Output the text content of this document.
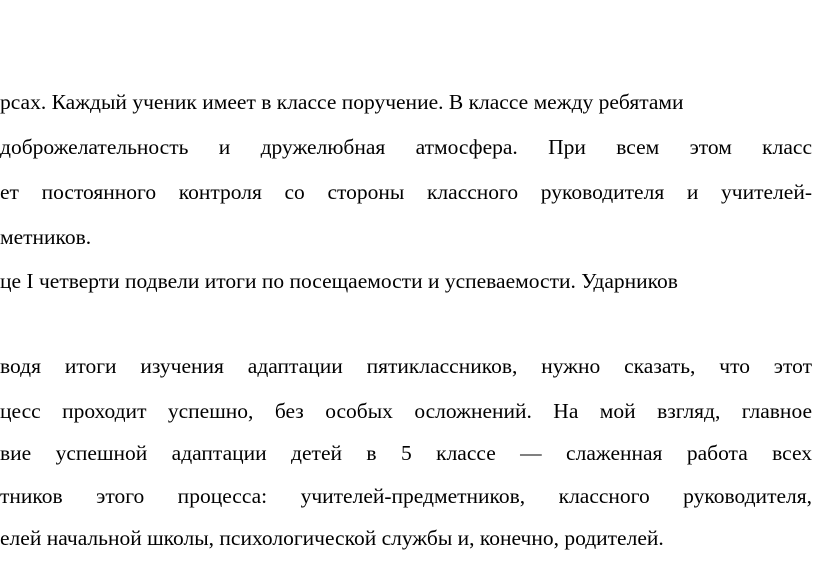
рсах. Каждый ученик имеет в классе поручение. В классе между ребятами
доброжелательность и дружелюбная атмосфера. При всем этом класс
ет постоянного контроля со стороны классного руководителя и учителей-
метников.
це I четверти подвели итоги по посещаемости и успеваемости. Ударников
водя итоги изучения адаптации пятиклассников, нужно сказать, что этот
цесс проходит успешно, без особых осложнений. На мой взгляд, главное
вие успешной адаптации детей в 5 классе — слаженная работа всех
тников этого процесса: учителей-предметников, классного руководителя,
елей начальной школы, психологической службы и, конечно, родителей.
